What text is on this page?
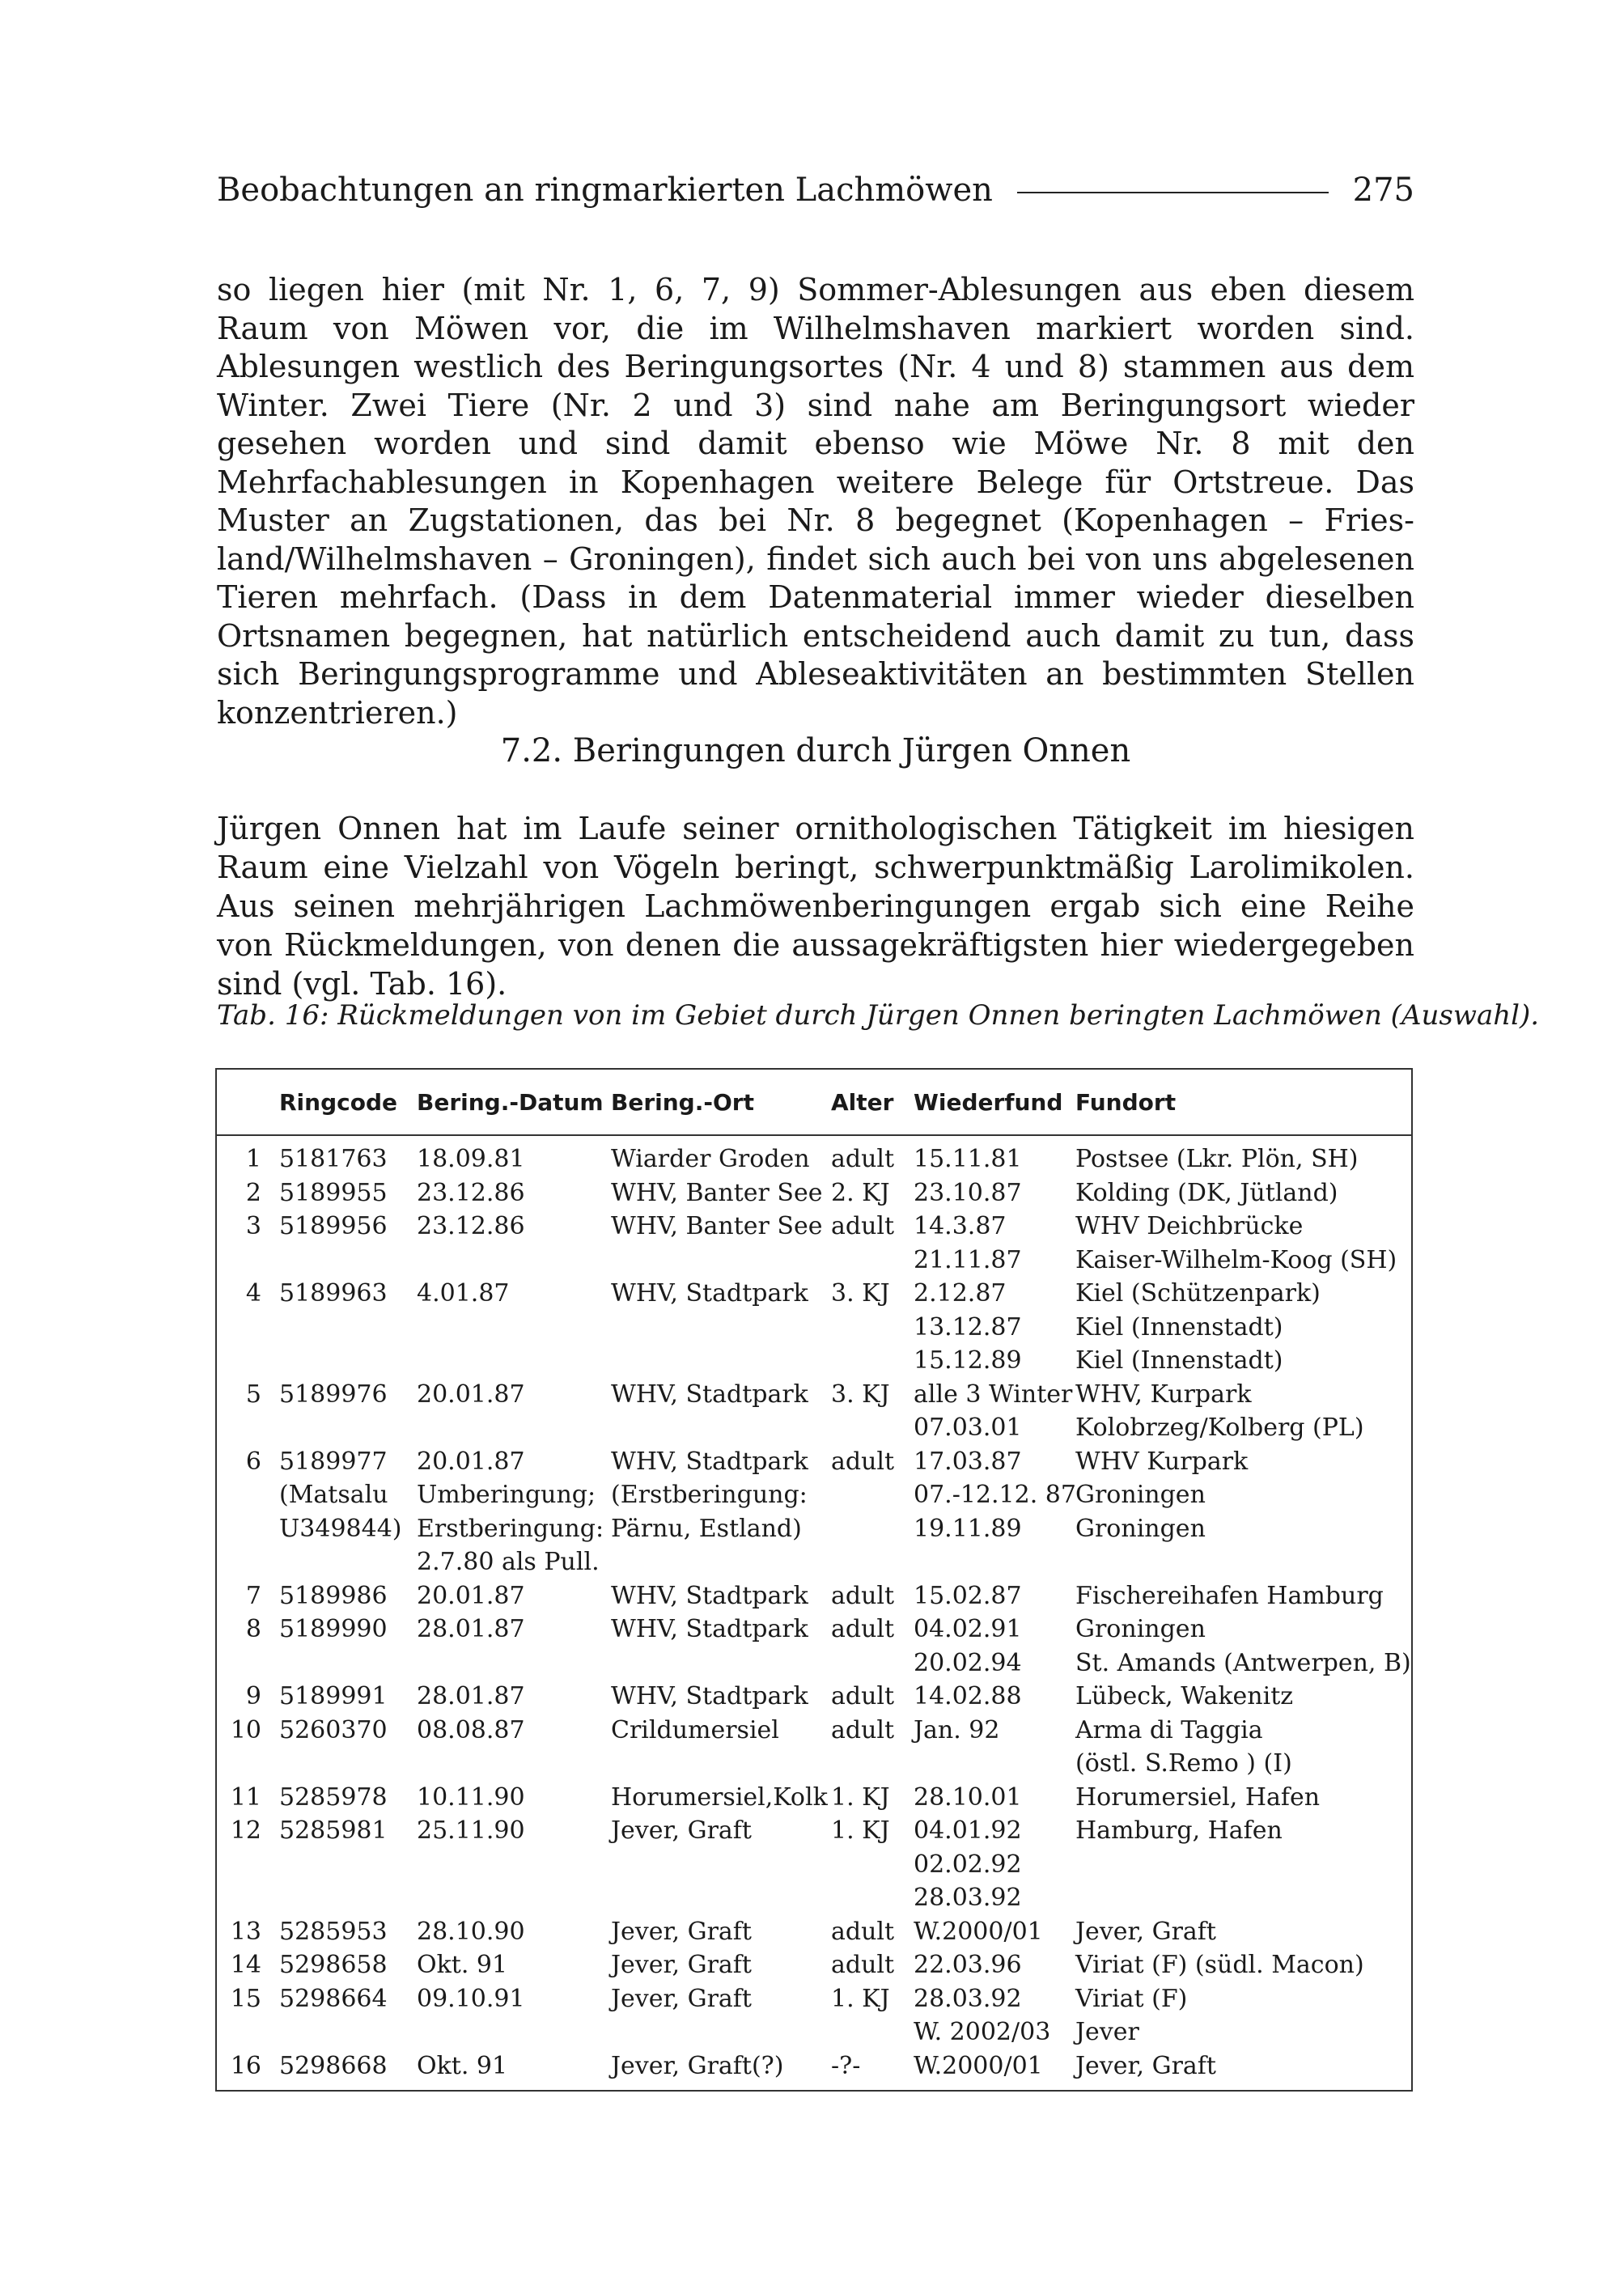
Beobachtungen an ringmarkierten Lachmöwen	275
so liegen hier (mit Nr. 1, 6, 7, 9) Sommer-Ablesungen aus eben diesem Raum von Möwen vor, die im Wilhelmshaven markiert worden sind. Ablesungen westlich des Beringungsortes (Nr. 4 und 8) stammen aus dem Winter. Zwei Tiere (Nr. 2 und 3) sind nahe am Beringungsort wieder gesehen worden und sind damit ebenso wie Möwe Nr. 8 mit den Mehrfachablesungen in Kopenhagen weitere Belege für Ortstreue. Das Muster an Zugstationen, das bei Nr. 8 begegnet (Kopenhagen – Friesland/Wilhelmshaven – Groningen), findet sich auch bei von uns abgelesenen Tieren mehrfach. (Dass in dem Datenmaterial immer wieder dieselben Ortsnamen begegnen, hat natürlich entscheidend auch damit zu tun, dass sich Beringungsprogramme und Ableseaktivitäten an bestimmten Stellen konzentrieren.)
7.2. Beringungen durch Jürgen Onnen
Jürgen Onnen hat im Laufe seiner ornithologischen Tätigkeit im hiesigen Raum eine Vielzahl von Vögeln beringt, schwerpunktmäßig Larolimikolen. Aus seinen mehrjährigen Lachmöwenberingungen ergab sich eine Reihe von Rückmeldungen, von denen die aussagekräftigsten hier wiedergegeben sind (vgl. Tab. 16).
Tab. 16: Rückmeldungen von im Gebiet durch Jürgen Onnen beringten Lachmöwen (Auswahl).
	Ringcode	Bering.-Datum	Bering.-Ort	Alter	Wiederfund	Fundort
1	5181763	18.09.81	Wiarder Groden	adult	15.11.81	Postsee (Lkr. Plön, SH)
2	5189955	23.12.86	WHV, Banter See	2. KJ	23.10.87	Kolding (DK, Jütland)
3	5189956	23.12.86	WHV, Banter See	adult	14.3.87	WHV Deichbrücke
					21.11.87	Kaiser-Wilhelm-Koog (SH)
4	5189963	4.01.87	WHV, Stadtpark	3. KJ	2.12.87	Kiel (Schützenpark)
					13.12.87	Kiel (Innenstadt)
					15.12.89	Kiel (Innenstadt)
5	5189976	20.01.87	WHV, Stadtpark	3. KJ	alle 3 Winter	WHV, Kurpark
					07.03.01	Kolobrzeg/Kolberg (PL)
6	5189977	20.01.87	WHV, Stadtpark	adult	17.03.87	WHV Kurpark
	(Matsalu	Umberingung;	(Erstberingung:		07.-12.12. 87	Groningen
	U349844)	Erstberingung:	Pärnu, Estland)		19.11.89	Groningen
		2.7.80 als Pull.				
7	5189986	20.01.87	WHV, Stadtpark	adult	15.02.87	Fischereihafen Hamburg
8	5189990	28.01.87	WHV, Stadtpark	adult	04.02.91	Groningen
					20.02.94	St. Amands (Antwerpen, B)
9	5189991	28.01.87	WHV, Stadtpark	adult	14.02.88	Lübeck, Wakenitz
10	5260370	08.08.87	Crildumersiel	adult	Jan. 92	Arma di Taggia
						(östl. S.Remo ) (I)
11	5285978	10.11.90	Horumersiel,Kolk	1. KJ	28.10.01	Horumersiel, Hafen
12	5285981	25.11.90	Jever, Graft	1. KJ	04.01.92	Hamburg, Hafen
					02.02.92	
					28.03.92	
13	5285953	28.10.90	Jever, Graft	adult	W.2000/01	Jever, Graft
14	5298658	Okt. 91	Jever, Graft	adult	22.03.96	Viriat (F) (südl. Macon)
15	5298664	09.10.91	Jever, Graft	1. KJ	28.03.92	Viriat (F)
					W. 2002/03	Jever
16	5298668	Okt. 91	Jever, Graft(?)	-?-	W.2000/01	Jever, Graft
